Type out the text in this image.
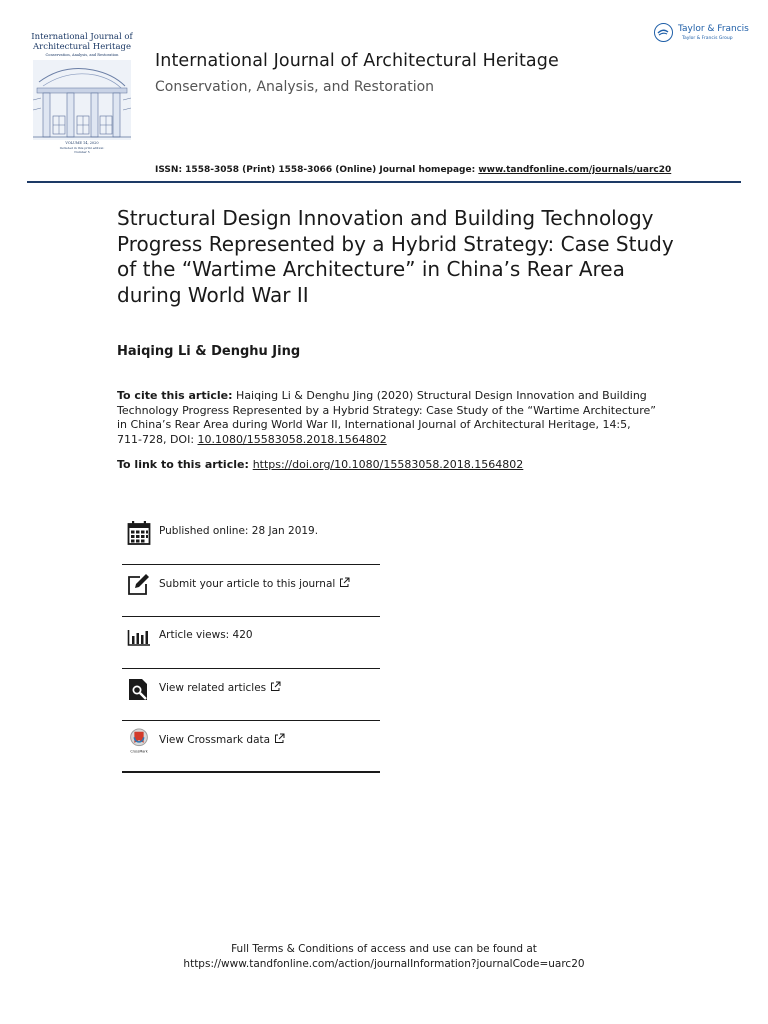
International Journal of
Architectural Heritage
Conservation, Analysis, and Restoration
VOLUME 14, 2020
Included in this print edition:
Number 5
International Journal of Architectural Heritage
Conservation, Analysis, and Restoration
Taylor & Francis
Taylor & Francis Group
ISSN: 1558-3058 (Print) 1558-3066 (Online) Journal homepage: www.tandfonline.com/journals/uarc20
Structural Design Innovation and Building Technology Progress Represented by a Hybrid Strategy: Case Study of the “Wartime Architecture” in China’s Rear Area during World War II
Haiqing Li & Denghu Jing
To cite this article: Haiqing Li & Denghu Jing (2020) Structural Design Innovation and Building Technology Progress Represented by a Hybrid Strategy: Case Study of the “Wartime Architecture” in China’s Rear Area during World War II, International Journal of Architectural Heritage, 14:5, 711-728, DOI: 10.1080/15583058.2018.1564802
To link to this article: https://doi.org/10.1080/15583058.2018.1564802
Published online: 28 Jan 2019.
Submit your article to this journal
Article views: 420
View related articles
CrossMark
View Crossmark data
Full Terms & Conditions of access and use can be found at
https://www.tandfonline.com/action/journalInformation?journalCode=uarc20
